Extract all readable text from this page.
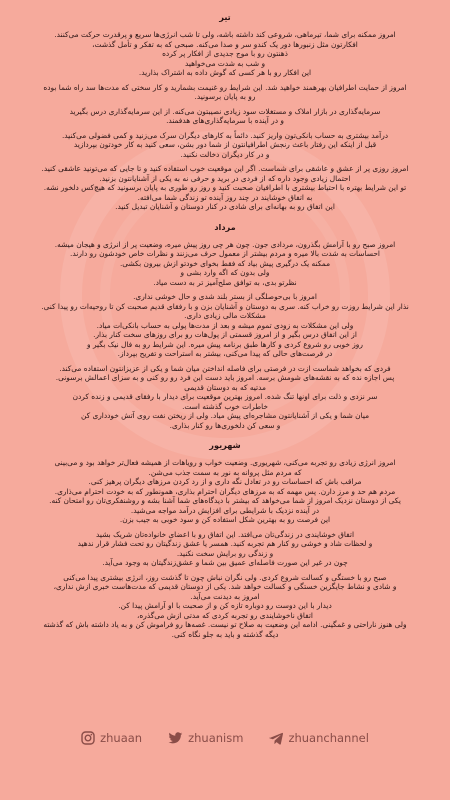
تیر

امروز ممکنه برای شما، تیرماهی، شروعی کند داشته باشه، ولی تا شب انرژی‌ها سریع و پرقدرت حرکت می‌کنند.
افکارتون مثل زنبورها دور یک کندو سر و صدا می‌کنه. صبحی که به تفکر و تأمل گذشت،
ذهنتون رو با موج جدیدی از افکار پر کرده
و شب به شدت می‌خواهید
این افکار رو با هر کسی که گوش داده به اشتراک بذارید.

امروز از حمایت اطرافیان بهرهمند خواهید شد. این شرایط رو غنیمت بشمارید و کار سختی که مدت‌ها سد راه شما بوده
رو به پایان برسونید.

سرمایه‌گذاری در بازار املاک و مستغلات سود زیادی نصیبتون می‌کنه. از این سرمایه‌گذاری درس بگیرید
و در آینده با سرمایه‌گذاری‌های هدفمند.

درآمد بیشتری به حساب بانکی‌تون واریز کنید. دائماً به کارهای دیگران سرک می‌زنید و کمی فضولی می‌کنید.
قبل از اینکه این رفتار باعث رنجش اطرافیانتون از شما دور بشن، سعی کنید به کار خودتون بپردازید
و در کار دیگران دخالت نکنید.

امروز روزی پر از عشق و عاشقی برای شماست. اگر این موقعیت خوب استفاده کنید و تا جایی که می‌تونید عاشقی کنید.
احتمال زیادی وجود داره که از فردی در برید و حرفی نه به یکی از آشنایانتون بزنید.
تو این شرایط بهتره با احتیاط بیشتری با اطرافیان صحبت کنید و روز رو طوری به پایان برسونید که هیچ‌کس دلخور نشه.
به اتفاق خوشایند در چند روز آینده تو زندگی شما می‌افته.
این اتفاق رو به بهانه‌ای برای شادی در کنار دوستان و آشنایان تبدیل کنید.

مرداد

امروز صبح رو با آرامش بگذرون، مردادی جون. چون هر چی روز پیش میره، وضعیت پر از انرژی و هیجان میشه.
احساسات به شدت بالا میره و مردم بیشتر از معمول حرف می‌زنند و نظرات خاص خودشون رو دارند.
ممکنه یک درگیری پیش بیاد که فقط بخوای خودتو ازش بیرون بکشی.
ولی بدون که اگه وارد بشی و
نظرتو بدی، به توافق صلح‌آمیز تر به دست میاد.

امروز با بی‌حوصلگی از بستر بلند شدی و حال خوشی نداری.
نذار این شرایط روزت رو خراب کنه. سری به دوستان و آشنایان بزن و با رفقای قدیم صحبت کن تا روحیه‌ات رو پیدا کنی.
مشکلات مالی زیادی داری.
ولی این مشکلات به زودی تموم میشه و بعد از مدت‌ها پولی به حساب بانکی‌ات میاد.
از این اتفاق درس بگیر و از امروز قسمتی از پول‌هات رو برای روزهای سخت کنار بذار.
روز خوبی رو شروع کردی و کارها طبق برنامه پیش میره. این شرایط رو به فال نیک بگیر و
در فرصت‌های حالی که پیدا می‌کنی، بیشتر به استراحت و تفریح بپرداز.

فردی که بخواهد شماست ازت در فرصتی برای فاصله انداختن میان شما و یکی از عزیزانتون استفاده می‌کند.
پس اجازه نده که به نقشه‌های شومش برسه. امروز باید دست این فرد رو رو کنی و به سزای اعمالش برسونی.
مدتیه که به دوستان قدیمی
سر نزدی و ذلت برای اونها تنگ شده. امروز بهترین موقعیت برای دیدار با رفقای قدیمی و زنده کردن
خاطرات خوب گذشته است.
میان شما و یکی از آشنایانتون مشاجره‌ای پیش میاد. ولی از ریختن نفت روی آتش خودداری کن
و سعی کن دلخوری‌ها رو کنار بذاری.

شهریور

امروز انرژی زیادی رو تجربه می‌کنی، شهریوری. وضعیت خواب و رویاهات از همیشه فعال‌تر خواهد بود و می‌بینی
که مردم مثل پروانه به نور به سمت جذب می‌شن.
مراقب باش که احساسات رو در تعادل نگه داری و از رد کردن مرزهای دیگران پرهیز کنی.
مردم هم حد و مرز دارن. پس مهمه که به مرزهای دیگران احترام بذاری، همونطور که به خودت احترام می‌ذاری.
یکی از دوستان نزدیک امروز از شما می‌خواهد که بیشتر با دیدگاه‌های شما آشنا بشه و روشنفکری‌تان رو امتحان کنه.
در آینده نزدیک با شرایطی برای افزایش درآمد مواجه می‌شید.
این فرصت رو به بهترین شکل استفاده کن و سود خوبی به جیب بزن.

اتفاق خوشایندی در زندگی‌تان می‌افتد. این اتفاق رو با اعضای خانواده‌تان شریک بشید
و لحظات شاد و خوشی رو کنار هم تجربه کنید. همسر یا عشق زندگیتان رو تحت فشار قرار ندهید
و زندگی رو برایش سخت نکنید.
چون در غیر این صورت فاصله‌ای عمیق بین شما و عشق‌زندگیتان به وجود می‌آید.

صبح رو با خستگی و کسالت شروع کردی. ولی نگران نباش چون تا گذشت روز، انرژی بیشتری پیدا می‌کنی
و شادی و نشاط جایگزین خستگی و کسالت خواهد شد. یکی از دوستان قدیمی که مدت‌هاست خبری ازش نداری،
امروز به دیدنت می‌آید.
دیدار با این دوست رو دوباره تازه کن و از صحبت با او آرامش پیدا کن.
اتفاق ناخوشایندی رو تجربه کردی که مدتی ازش می‌گذره،
ولی هنوز ناراحتی و غمگینی. ادامه این وضعیت به صلاح تو نیست. غصه‌ها رو فراموش کن و به یاد داشته باش که گذشته
دیگه گذشته و باید به جلو نگاه کنی.

zhuaan	zhuanism	zhuanchannel
